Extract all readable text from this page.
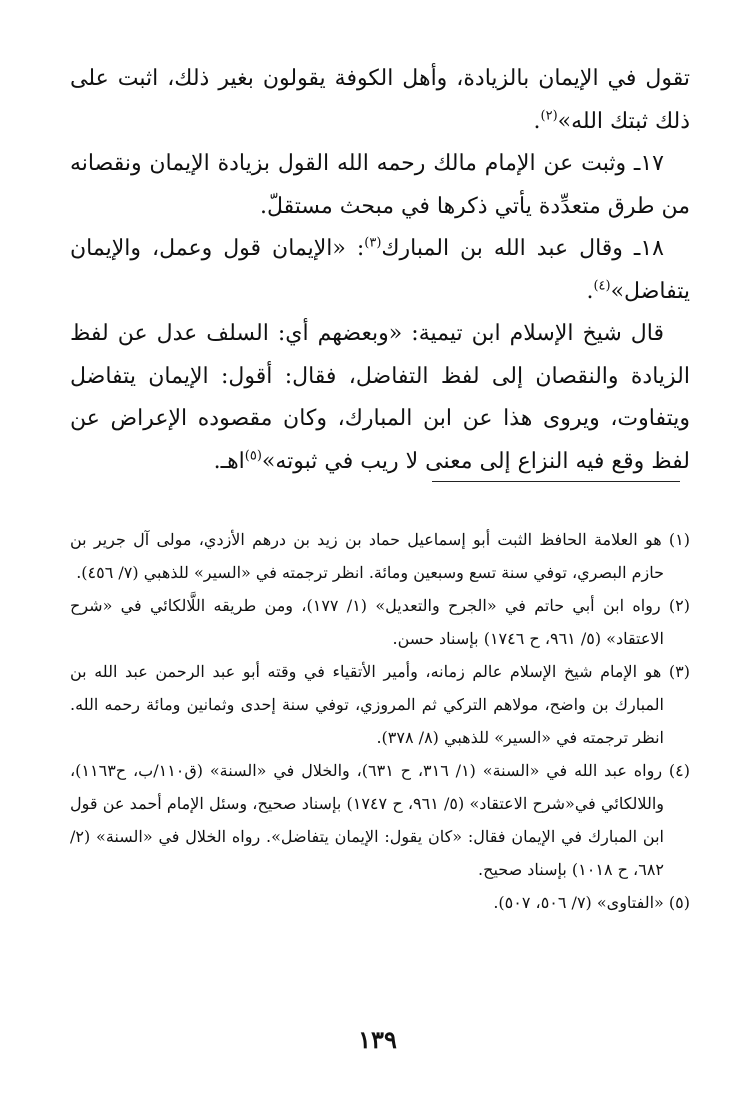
تقول في الإيمان بالزيادة، وأهل الكوفة يقولون بغير ذلك، اثبت على ذلك ثبتك الله»$^{(٢)}$.

١٧ـ وثبت عن الإمام مالك رحمه الله القول بزيادة الإيمان ونقصانه من طرق متعدِّدة يأتي ذكرها في مبحث مستقلّ.

١٨ـ وقال عبد الله بن المبارك$^{(٣)}$: «الإيمان قول وعمل، والإيمان يتفاضل»$^{(٤)}$.

قال شيخ الإسلام ابن تيمية: «وبعضهم أي: السلف عدل عن لفظ الزيادة والنقصان إلى لفظ التفاضل، فقال: أقول: الإيمان يتفاضل ويتفاوت، ويروى هذا عن ابن المبارك، وكان مقصوده الإعراض عن لفظ وقع فيه النزاع إلى معنى لا ريب في ثبوته»$^{(٥)}$اهـ.

(١) هو العلامة الحافظ الثبت أبو إسماعيل حماد بن زيد بن درهم الأزدي، مولى آل جرير بن حازم البصري، توفي سنة تسع وسبعين ومائة. انظر ترجمته في «السير» للذهبي (٧/ ٤٥٦).

(٢) رواه ابن أبي حاتم في «الجرح والتعديل» (١/ ١٧٧)، ومن طريقه اللَّالكائي في «شرح الاعتقاد» (٥/ ٩٦١، ح ١٧٤٦) بإسناد حسن.

(٣) هو الإمام شيخ الإسلام عالم زمانه، وأمير الأتقياء في وقته أبو عبد الرحمن عبد الله بن المبارك بن واضح، مولاهم التركي ثم المروزي، توفي سنة إحدى وثمانين ومائة رحمه الله. انظر ترجمته في «السير» للذهبي (٨/ ٣٧٨).

(٤) رواه عبد الله في «السنة» (١/ ٣١٦، ح ٦٣١)، والخلال في «السنة» (ق١١٠/ب، ح١١٦٣)، واللالكائي في«شرح الاعتقاد» (٥/ ٩٦١، ح ١٧٤٧) بإسناد صحيح، وسئل الإمام أحمد عن قول ابن المبارك في الإيمان فقال: «كان يقول: الإيمان يتفاضل». رواه الخلال في «السنة» (٢/ ٦٨٢، ح ١٠١٨) بإسناد صحيح.

(٥) «الفتاوى» (٧/ ٥٠٦، ٥٠٧).

١٣٩
